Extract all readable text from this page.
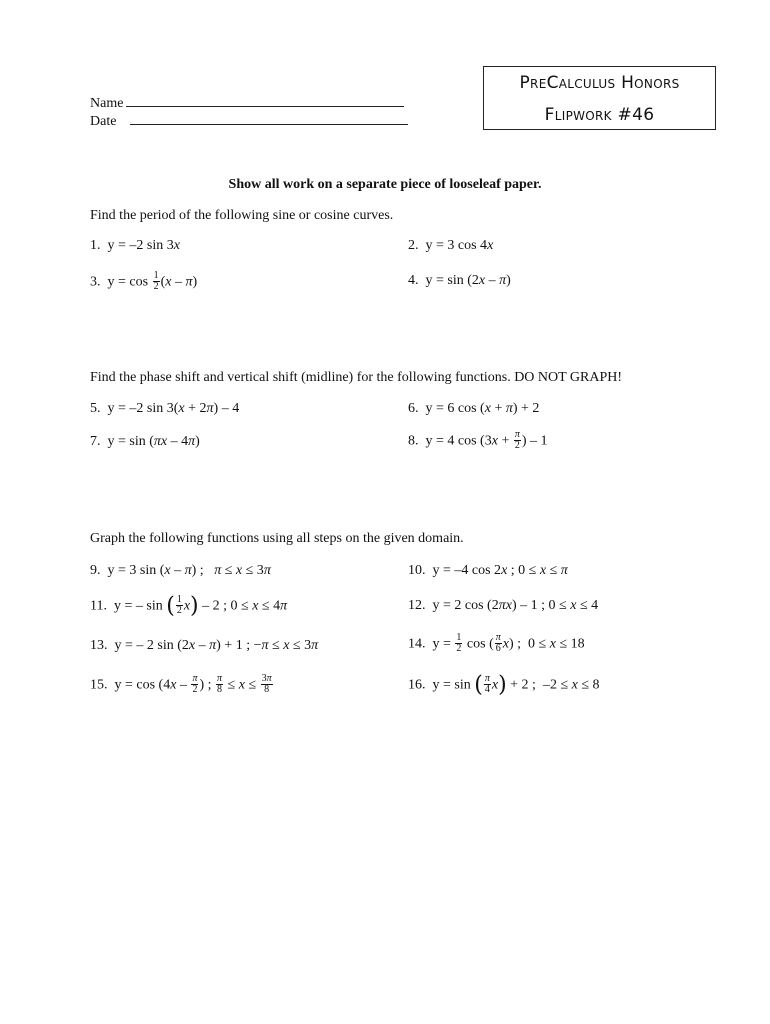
PreCalculus Honors
Flipwork #46
Name
Date
Show all work on a separate piece of looseleaf paper.
Find the period of the following sine or cosine curves.
1.  y = –2 sin 3x	2.  y = 3 cos 4x
3.  $y = \cos \frac{1}{2} (x - \pi)$	4.  y = sin (2x – π)
Find the phase shift and vertical shift (midline) for the following functions. DO NOT GRAPH!
5.  y = –2 sin 3(x + 2π) – 4	6.  y = 6 cos (x + π) + 2
7.  y = sin (πx – 4π)	8.  y = 4 $\cos (3x + \frac{\pi}{2}$ ) – 1
Graph the following functions using all steps on the given domain.
9.  y = 3 sin (x – π) ;   π ≤ x ≤ 3π	10.  y = –4 cos 2x ; 0 ≤ x ≤ π
11.  y = – sin ( $\frac{1}{2} x) - 2$ ; 0 ≤ x ≤ 4π	12.  y = 2 cos (2πx) – 1 ; 0 ≤ x ≤ 4
13.  y = – 2 sin (2x – π) + 1 ; −π ≤ x ≤ 3π	14.  $y = \frac{1}{2}$ cos ( $\frac{\pi}{6} x$) ;  0 ≤ x ≤ 18
15.  $y = \cos (4x - \frac{\pi}{2}$ ) ; $\frac{\pi}{8} \le x \le \frac{3\pi}{8}$	16.  y = sin ( $\frac{\pi}{4} x) + 2$ ;  –2 ≤ x ≤ 8
